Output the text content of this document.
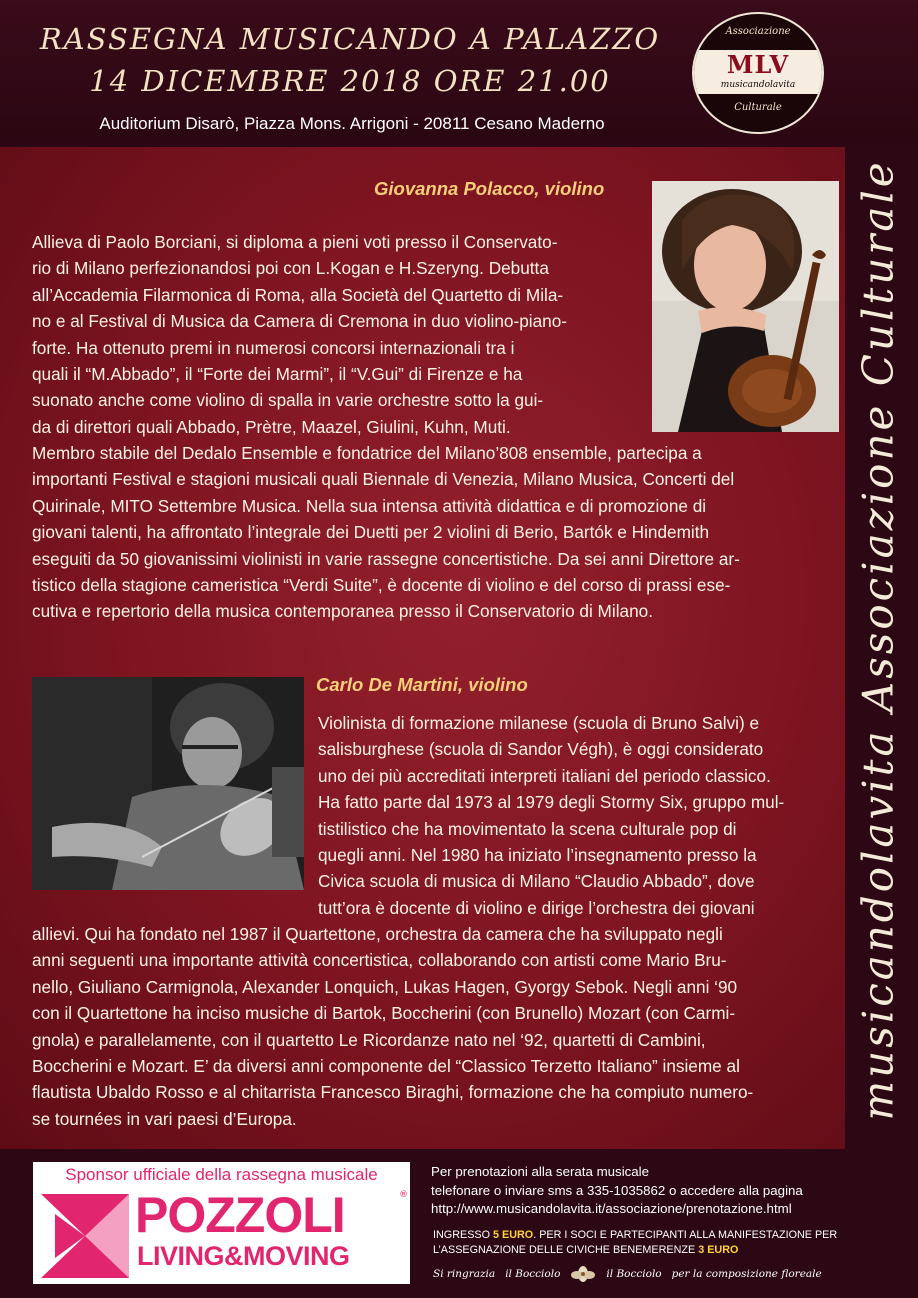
RASSEGNA MUSICANDO A PALAZZO
14 DICEMBRE 2018 ORE 21.00
Auditorium Disarò, Piazza Mons. Arrigoni - 20811 Cesano Maderno
Associazione
MLV
musicandolavita
Culturale
Giovanna Polacco, violino
Allieva di Paolo Borciani, si diploma a pieni voti presso il Conservato-
rio di Milano perfezionandosi poi con L.Kogan e H.Szeryng. Debutta
all’Accademia Filarmonica di Roma, alla Società del Quartetto di Mila-
no e al Festival di Musica da Camera di Cremona in duo violino-piano-
forte. Ha ottenuto premi in numerosi concorsi internazionali tra i
quali il “M.Abbado”, il “Forte dei Marmi”, il “V.Gui” di Firenze e ha
suonato anche come violino di spalla in varie orchestre sotto la gui-
da di direttori quali Abbado, Prètre, Maazel, Giulini, Kuhn, Muti.
Membro stabile del Dedalo Ensemble e fondatrice del Milano’808 ensemble, partecipa a
importanti Festival e stagioni musicali quali Biennale di Venezia, Milano Musica, Concerti del
Quirinale, MITO Settembre Musica. Nella sua intensa attività didattica e di promozione di
giovani talenti, ha affrontato l’integrale dei Duetti per 2 violini di Berio, Bartók e Hindemith
eseguiti da 50 giovanissimi violinisti in varie rassegne concertistiche. Da sei anni Direttore ar-
tistico della stagione cameristica “Verdi Suite”, è docente di violino e del corso di prassi ese-
cutiva e repertorio della musica contemporanea presso il Conservatorio di Milano.
Carlo De Martini, violino
Violinista di formazione milanese (scuola di Bruno Salvi) e
salisburghese (scuola di Sandor Végh), è oggi considerato
uno dei più accreditati interpreti italiani del periodo classico.
Ha fatto parte dal 1973 al 1979 degli Stormy Six, gruppo mul-
tistilistico che ha movimentato la scena culturale pop di
quegli anni. Nel 1980 ha iniziato l’insegnamento presso la
Civica scuola di musica di Milano “Claudio Abbado”, dove
tutt’ora è docente di violino e dirige l’orchestra dei giovani
allievi. Qui ha fondato nel 1987 il Quartettone, orchestra da camera che ha sviluppato negli
anni seguenti una importante attività concertistica, collaborando con artisti come Mario Bru-
nello, Giuliano Carmignola, Alexander Lonquich, Lukas Hagen, Gyorgy Sebok. Negli anni ‘90
con il Quartettone ha inciso musiche di Bartok, Boccherini (con Brunello) Mozart (con Carmi-
gnola) e parallelamente, con il quartetto Le Ricordanze nato nel ‘92, quartetti di Cambini,
Boccherini e Mozart. E’ da diversi anni componente del “Classico Terzetto Italiano” insieme al
flautista Ubaldo Rosso e al chitarrista Francesco Biraghi, formazione che ha compiuto numero-
se tournées in vari paesi d’Europa.	musicandolavita Associazione Culturale
Sponsor ufficiale della rassegna musicale
POZZOLI	®
LIVING&MOVING
Per prenotazioni alla serata musicale
telefonare o inviare sms a 335-1035862 o accedere alla pagina
http://www.musicandolavita.it/associazione/prenotazione.html
INGRESSO 5 EURO. PER I SOCI E PARTECIPANTI ALLA MANIFESTAZIONE PER
L’ASSEGNAZIONE DELLE CIVICHE BENEMERENZE 3 EURO
Si ringrazia il Bocciolo	il Bocciolo per la composizione floreale
